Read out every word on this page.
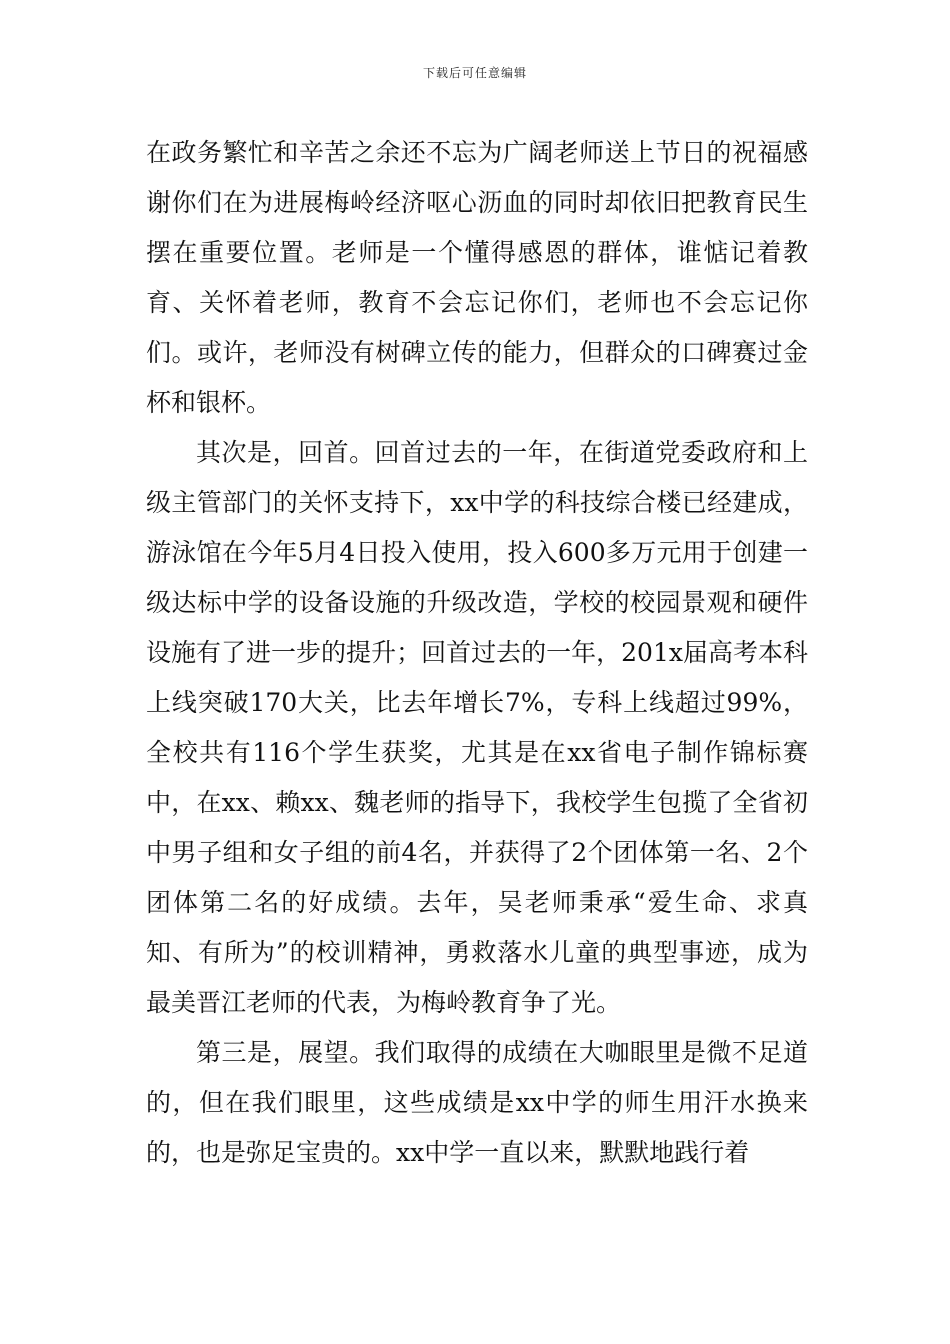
下载后可任意编辑

在政务繁忙和辛苦之余还不忘为广阔老师送上节日的祝福感谢你们在为进展梅岭经济呕心沥血的同时却依旧把教育民生摆在重要位置。老师是一个懂得感恩的群体，谁惦记着教育、关怀着老师，教育不会忘记你们，老师也不会忘记你们。或许，老师没有树碑立传的能力，但群众的口碑赛过金杯和银杯。

其次是，回首。回首过去的一年，在街道党委政府和上级主管部门的关怀支持下，xx中学的科技综合楼已经建成，游泳馆在今年5月4日投入使用，投入600多万元用于创建一级达标中学的设备设施的升级改造，学校的校园景观和硬件设施有了进一步的提升；回首过去的一年，201x届高考本科上线突破170大关，比去年增长7%，专科上线超过99%，全校共有116个学生获奖，尤其是在xx省电子制作锦标赛中，在xx、赖xx、魏老师的指导下，我校学生包揽了全省初中男子组和女子组的前4名，并获得了2个团体第一名、2个团体第二名的好成绩。去年，吴老师秉承“爱生命、求真知、有所为”的校训精神，勇救落水儿童的典型事迹，成为最美晋江老师的代表，为梅岭教育争了光。

第三是，展望。我们取得的成绩在大咖眼里是微不足道的，但在我们眼里，这些成绩是xx中学的师生用汗水换来的，也是弥足宝贵的。xx中学一直以来，默默地践行着
